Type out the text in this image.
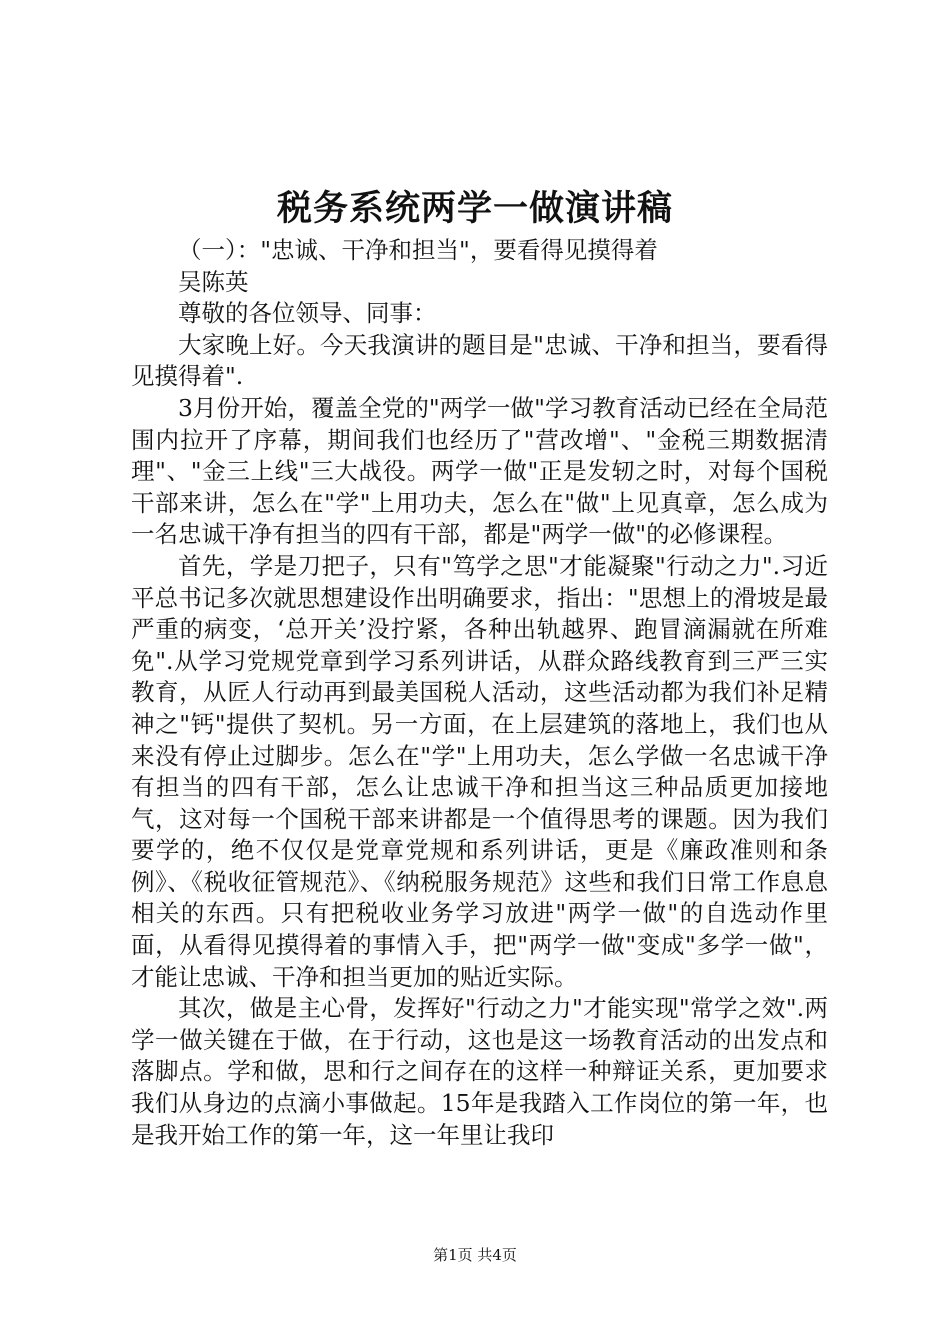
税务系统两学一做演讲稿

（一）："忠诚、干净和担当"，要看得见摸得着

吴陈英

尊敬的各位领导、同事：

大家晚上好。今天我演讲的题目是"忠诚、干净和担当，要看得见摸得着".

3月份开始，覆盖全党的"两学一做"学习教育活动已经在全局范围内拉开了序幕，期间我们也经历了"营改增"、"金税三期数据清理"、"金三上线"三大战役。两学一做"正是发轫之时，对每个国税干部来讲，怎么在"学"上用功夫，怎么在"做"上见真章，怎么成为一名忠诚干净有担当的四有干部，都是"两学一做"的必修课程。

首先，学是刀把子，只有"笃学之思"才能凝聚"行动之力".习近平总书记多次就思想建设作出明确要求，指出："思想上的滑坡是最严重的病变，‘总开关’没拧紧，各种出轨越界、跑冒滴漏就在所难免".从学习党规党章到学习系列讲话，从群众路线教育到三严三实教育，从匠人行动再到最美国税人活动，这些活动都为我们补足精神之"钙"提供了契机。另一方面，在上层建筑的落地上，我们也从来没有停止过脚步。怎么在"学"上用功夫，怎么学做一名忠诚干净有担当的四有干部，怎么让忠诚干净和担当这三种品质更加接地气，这对每一个国税干部来讲都是一个值得思考的课题。因为我们要学的，绝不仅仅是党章党规和系列讲话，更是《廉政准则和条例》、《税收征管规范》、《纳税服务规范》这些和我们日常工作息息相关的东西。只有把税收业务学习放进"两学一做"的自选动作里面，从看得见摸得着的事情入手，把"两学一做"变成"多学一做"，才能让忠诚、干净和担当更加的贴近实际。

其次，做是主心骨，发挥好"行动之力"才能实现"常学之效".两学一做关键在于做，在于行动，这也是这一场教育活动的出发点和落脚点。学和做，思和行之间存在的这样一种辩证关系，更加要求我们从身边的点滴小事做起。15年是我踏入工作岗位的第一年，也是我开始工作的第一年，这一年里让我印

第1页 共4页
